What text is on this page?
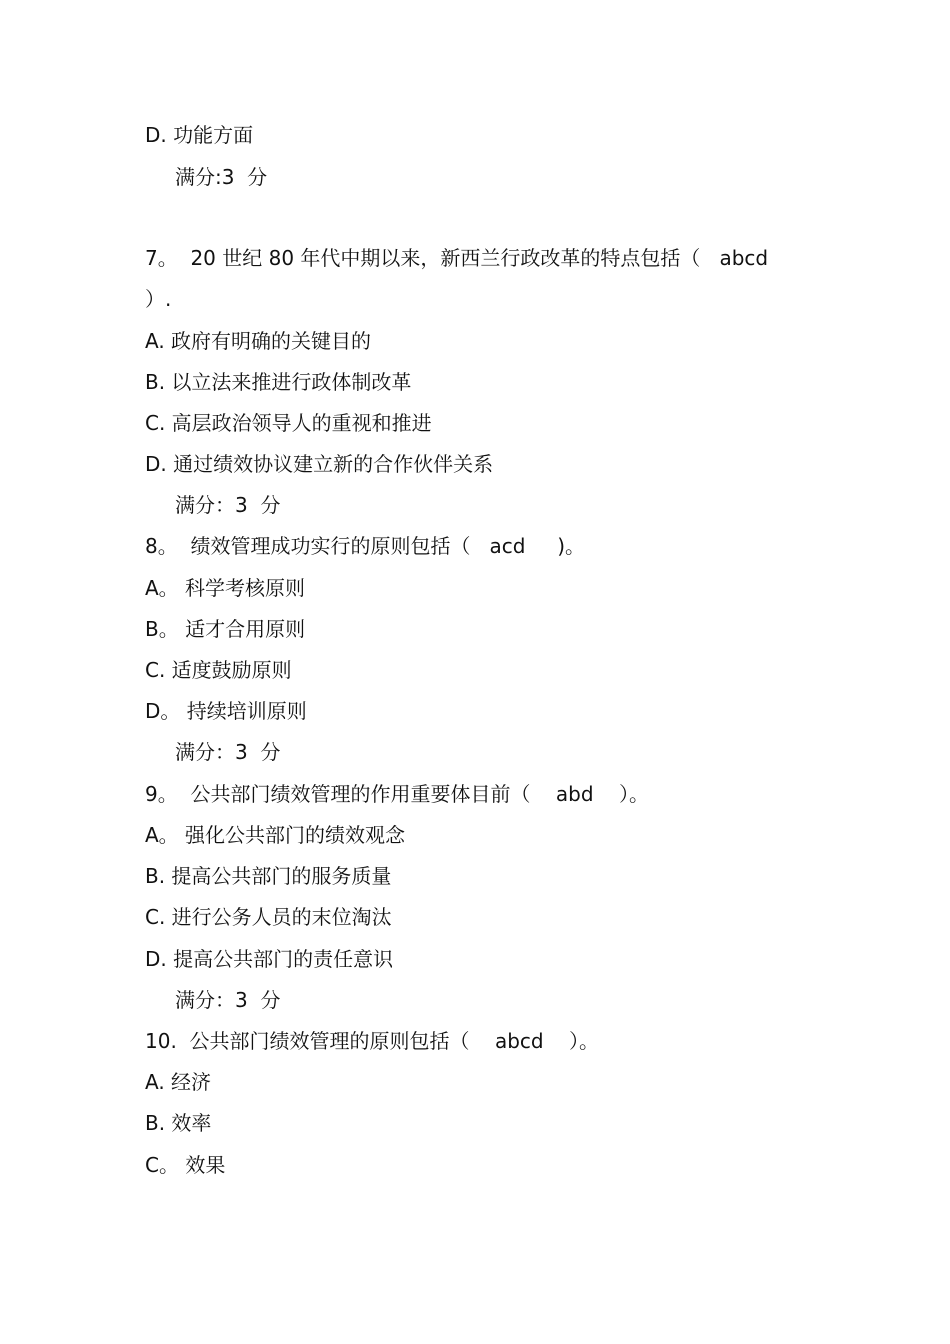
D. 功能方面
满分:3  分
7。  20 世纪 80 年代中期以来，新西兰行政改革的特点包括（   abcd
）.
A. 政府有明确的关键目的
B. 以立法来推进行政体制改革
C. 高层政治领导人的重视和推进
D. 通过绩效协议建立新的合作伙伴关系
满分：3  分
8。  绩效管理成功实行的原则包括（   acd     )。
A。 科学考核原则
B。 适才合用原则
C. 适度鼓励原则
D。 持续培训原则
满分：3  分
9。  公共部门绩效管理的作用重要体目前（    abd    ）。
A。 强化公共部门的绩效观念
B. 提高公共部门的服务质量
C. 进行公务人员的末位淘汰
D. 提高公共部门的责任意识
满分：3  分
10.  公共部门绩效管理的原则包括（    abcd    ）。
A. 经济
B. 效率
C。 效果
